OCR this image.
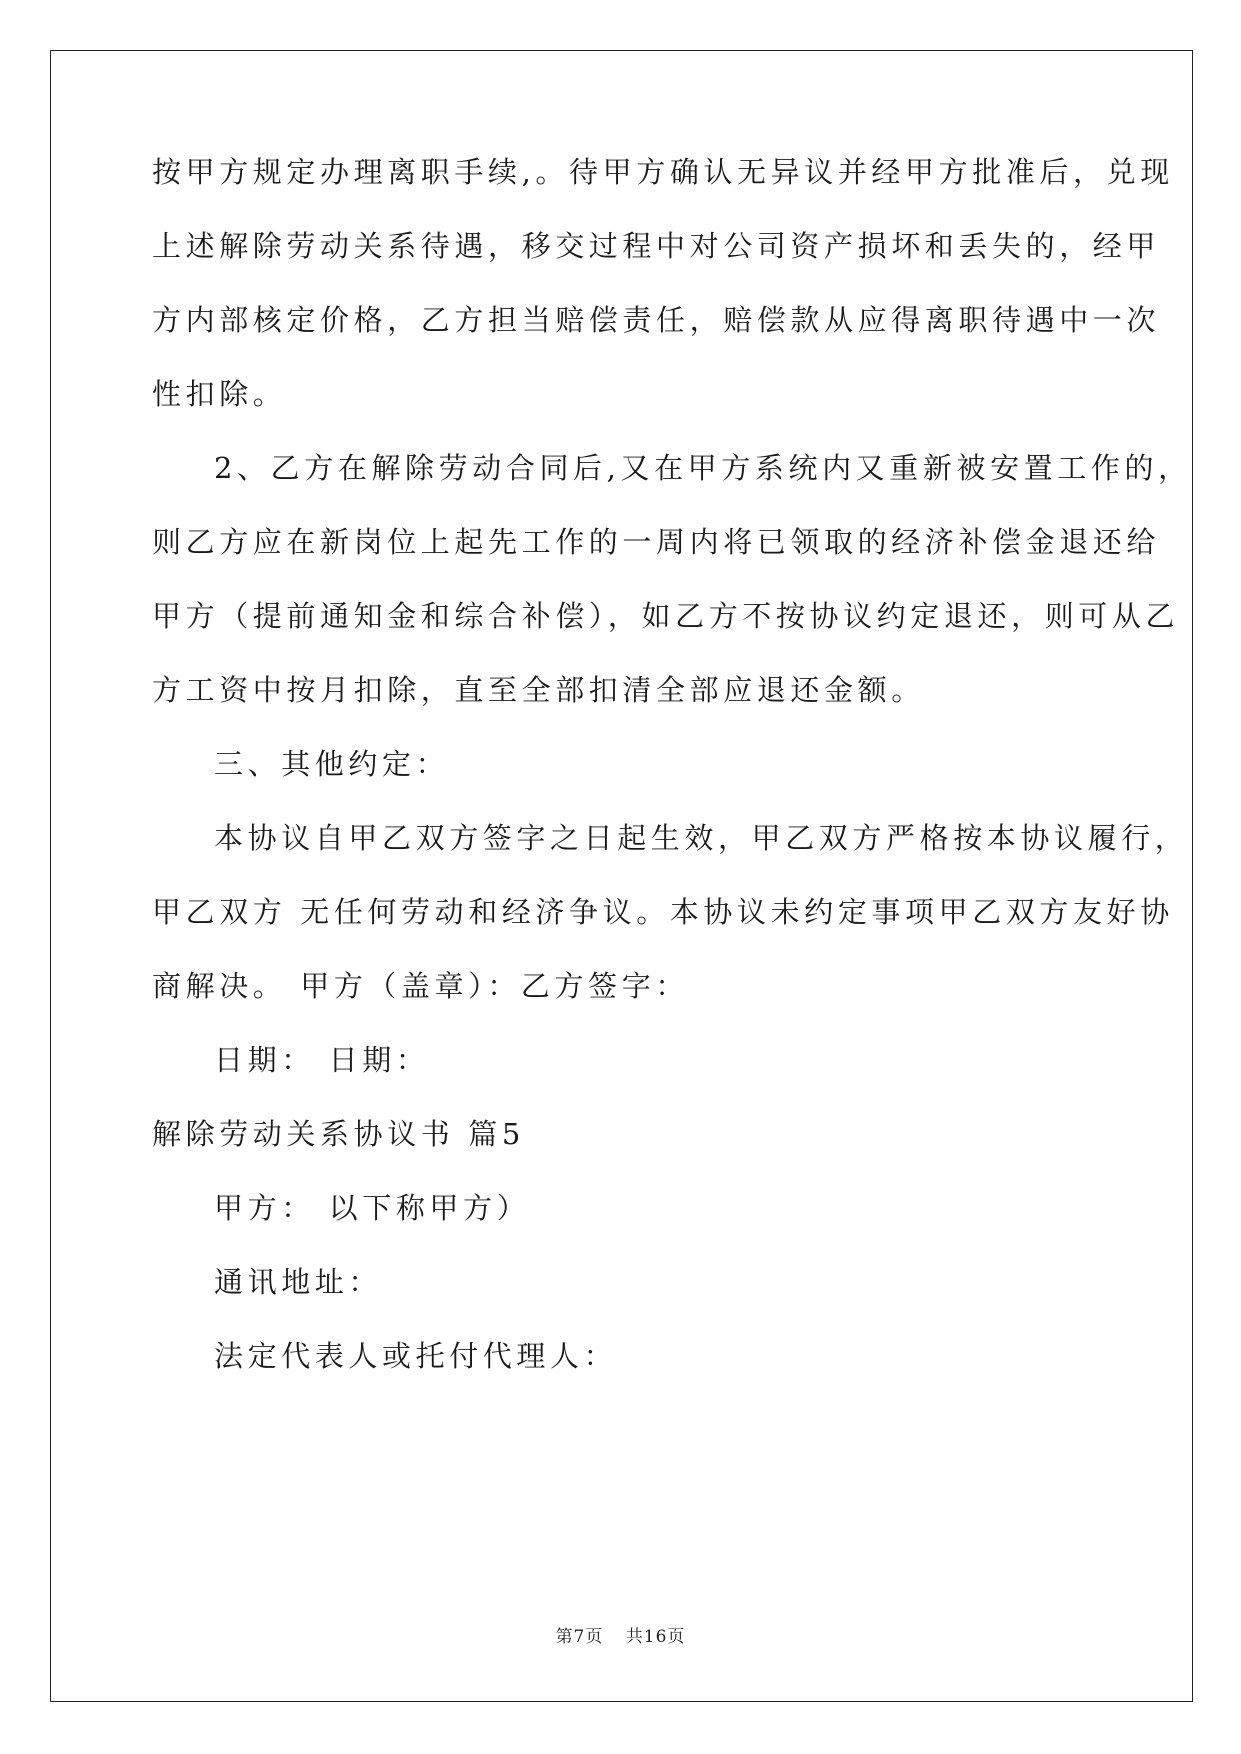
按甲方规定办理离职手续,。待甲方确认无异议并经甲方批准后，兑现
上述解除劳动关系待遇，移交过程中对公司资产损坏和丢失的，经甲
方内部核定价格，乙方担当赔偿责任，赔偿款从应得离职待遇中一次
性扣除。
2、乙方在解除劳动合同后,又在甲方系统内又重新被安置工作的，
则乙方应在新岗位上起先工作的一周内将已领取的经济补偿金退还给
甲方（提前通知金和综合补偿），如乙方不按协议约定退还，则可从乙
方工资中按月扣除，直至全部扣清全部应退还金额。
三、其他约定：
本协议自甲乙双方签字之日起生效，甲乙双方严格按本协议履行，
甲乙双方 无任何劳动和经济争议。本协议未约定事项甲乙双方友好协
商解决。 甲方（盖章）：乙方签字：
日期： 日期：
解除劳动关系协议书 篇5
甲方： 以下称甲方）
通讯地址：
法定代表人或托付代理人：
第7页 共16页
